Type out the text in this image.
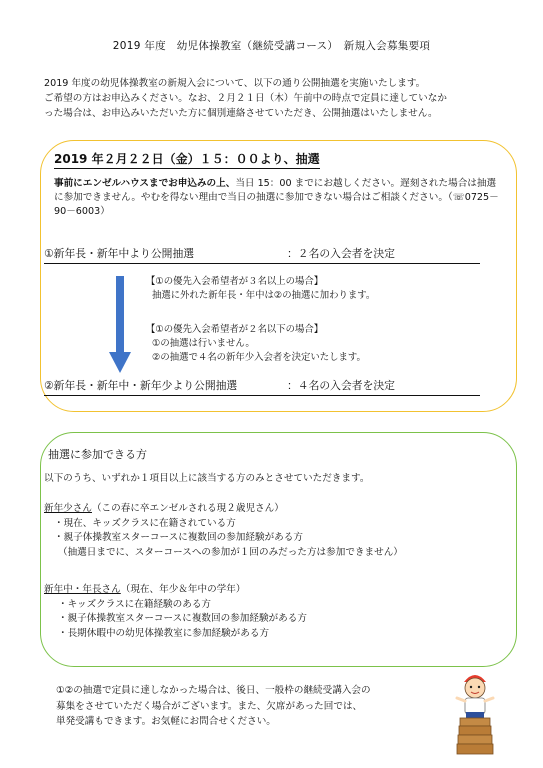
2019 年度　幼児体操教室（継続受講コース）　新規入会募集要項
2019 年度の幼児体操教室の新規入会について、以下の通り公開抽選を実施いたします。
ご希望の方はお申込みください。なお、２月２１日（木）午前中の時点で定員に達していなか
った場合は、お申込みいただいた方に個別連絡させていただき、公開抽選はいたしません。
2019 年２月２２日（金）１５：００より、抽選
事前にエンゼルハウスまでお申込みの上、当日 15：00 までにお越しください。遅刻された場合は抽選に参加できません。やむを得ない理由で当日の抽選に参加できない場合はご相談ください。（☏0725－90－6003）
①新年長・新年中より公開抽選	：２名の入会者を決定
【①の優先入会希望者が３名以上の場合】
抽選に外れた新年長・年中は②の抽選に加わります。
【①の優先入会希望者が２名以下の場合】
①の抽選は行いません。
②の抽選で４名の新年少入会者を決定いたします。
②新年長・新年中・新年少より公開抽選	：４名の入会者を決定
抽選に参加できる方
以下のうち、いずれか１項目以上に該当する方のみとさせていただきます。
新年少さん（この春に卒エンゼルされる現２歳児さん）
・現在、キッズクラスに在籍されている方
・親子体操教室スターコースに複数回の参加経験がある方
（抽選日までに、スターコースへの参加が１回のみだった方は参加できません）
新年中・年長さん（現在、年少＆年中の学年）
・キッズクラスに在籍経験のある方
・親子体操教室スターコースに複数回の参加経験がある方
・長期休暇中の幼児体操教室に参加経験がある方
①②の抽選で定員に達しなかった場合は、後日、一般枠の継続受講入会の
募集をさせていただく場合がございます。また、欠席があった回では、
単発受講もできます。お気軽にお問合せください。
